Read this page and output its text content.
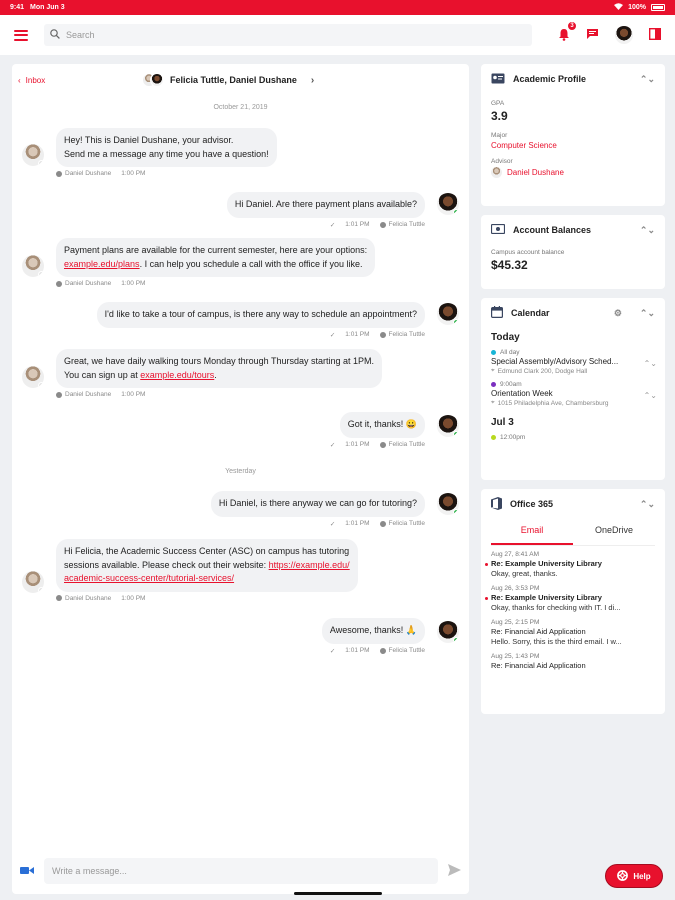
9:41 Mon Jun 3	100%
Search
3
‹ Inbox	Felicia Tuttle, Daniel Dushane ›
October 21, 2019
Hey! This is Daniel Dushane, your advisor.
Send me a message any time you have a question!
Daniel Dushane 1:00 PM
Hi Daniel. Are there payment plans available?
✓ 1:01 PM	Felicia Tuttle
Payment plans are available for the current semester, here are your options:
example.edu/plans. I can help you schedule a call with the office if you like.
Daniel Dushane 1:00 PM
I'd like to take a tour of campus, is there any way to schedule an appointment?
✓ 1:01 PM	Felicia Tuttle
Great, we have daily walking tours Monday through Thursday starting at 1PM.
You can sign up at example.edu/tours.
Daniel Dushane 1:00 PM
Got it, thanks! 😀
✓ 1:01 PM	Felicia Tuttle
Yesterday
Hi Daniel, is there anyway we can go for tutoring?
✓ 1:01 PM	Felicia Tuttle
Hi Felicia, the Academic Success Center (ASC) on campus has tutoring
sessions available. Please check out their website: https://example.edu/
academic-success-center/tutorial-services/
Daniel Dushane 1:00 PM
Awesome, thanks! 🙏
✓ 1:01 PM	Felicia Tuttle
Write a message...
Academic Profile	⌃⌄
GPA
3.9
Major
Computer Science
Advisor
Daniel Dushane
Account Balances	⌃⌄
Campus account balance
$45.32
Calendar	⚙ ⌃⌄
Today
All day
Special Assembly/Advisory Sched...
⌖ Edmund Clark 200, Dodge Hall
⌃⌄
9:00am
Orientation Week
⌖ 1015 Philadelphia Ave, Chambersburg
⌃⌄
Jul 3
12:00pm
Office 365	⌃⌄
Email	OneDrive
Aug 27, 8:41 AM
Re: Example University Library
Okay, great, thanks.
Aug 26, 3:53 PM
Re: Example University Library
Okay, thanks for checking with IT. I di...
Aug 25, 2:15 PM
Re: Financial Aid Application
Hello. Sorry, this is the third email. I w...
Aug 25, 1:43 PM
Re: Financial Aid Application
Help
